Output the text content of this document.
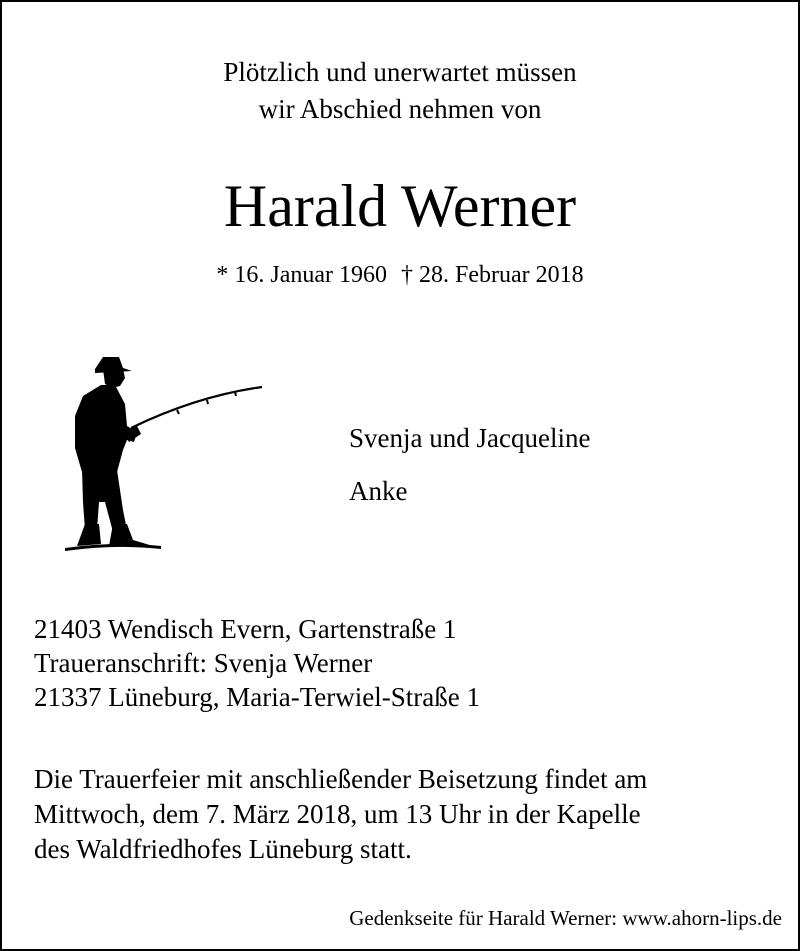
Plötzlich und unerwartet müssen
wir Abschied nehmen von
Harald Werner
* 16. Januar 1960 † 28. Februar 2018
Svenja und Jacqueline
Anke
21403 Wendisch Evern, Gartenstraße 1
Traueranschrift: Svenja Werner
21337 Lüneburg, Maria-Terwiel-Straße 1
Die Trauerfeier mit anschließender Beisetzung findet am
Mittwoch, dem 7. März 2018, um 13 Uhr in der Kapelle
des Waldfriedhofes Lüneburg statt.
Gedenkseite für Harald Werner: www.ahorn-lips.de
